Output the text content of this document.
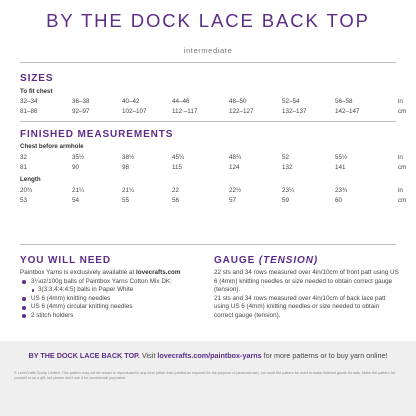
BY THE DOCK LACE BACK TOP
intermediate
SIZES
To fit chest
32–34	36–38	40–42	44–46	48–50	52–54	56–58	in
81–86	92–97	102–107	112 –117	122–127	132–137	142–147	cm
FINISHED MEASUREMENTS
Chest before armhole
32	35½	38½	45¼	48¾	52	55½	in
81	90	98	115	124	132	141	cm
Length
20¾	21¼	21¼	22	22½	23¼	23¾	in
53	54	55	56	57	59	60	cm
YOU WILL NEED
Paintbox Yarns is exclusively available at lovecrafts.com
3¼oz/100g balls of Paintbox Yarns Cotton Mix DK:
3(3:3:4:4:4:5) balls in Paper White
US 6 (4mm) knitting needles
US 6 (4mm) circular knitting needles
2 stitch holders
GAUGE (TENSION)
22 sts and 34 rows measured over 4in/10cm of front patt using US 6 (4mm) knitting needles or size needed to obtain correct gauge (tension).
21 sts and 34 rows measured over 4in/10cm of back lace patt using US 6 (4mm) knitting needles or size needed to obtain correct gauge (tension).
BY THE DOCK LACE BACK TOP. Visit lovecrafts.com/paintbox-yarns for more patterns or to buy yarn online!
© LoveCrafts Group Limited. This pattern may not be resold or reproduced in any form (other than printed as required for the purpose of personal use), nor must the pattern be used to make finished goods for sale. Make the pattern for yourself or as a gift, but please don't use it for commercial purposes!
